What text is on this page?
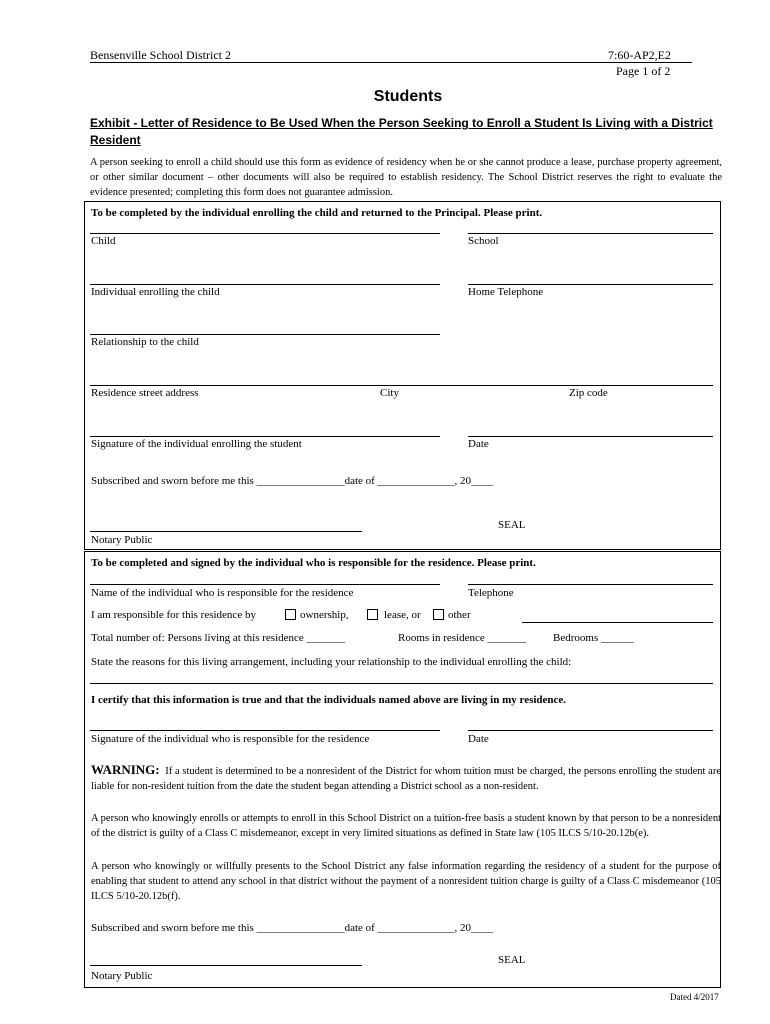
Bensenville School District 2	7:60-AP2,E2
Page 1 of 2
Students
Exhibit - Letter of Residence to Be Used When the Person Seeking to Enroll a Student Is Living with a District Resident
A person seeking to enroll a child should use this form as evidence of residency when he or she cannot produce a lease, purchase property agreement, or other similar document – other documents will also be required to establish residency. The School District reserves the right to evaluate the evidence presented; completing this form does not guarantee admission.
To be completed by the individual enrolling the child and returned to the Principal. Please print.
Child	School
Individual enrolling the child	Home Telephone
Relationship to the child
Residence street address	City	Zip code
Signature of the individual enrolling the student	Date
Subscribed and sworn before me this ________________date of ______________, 20____
SEAL
Notary Public
To be completed and signed by the individual who is responsible for the residence. Please print.
Name of the individual who is responsible for the residence	Telephone
I am responsible for this residence by	ownership,	lease, or other
Total number of: Persons living at this residence _______	Rooms in residence _______ Bedrooms ______
State the reasons for this living arrangement, including your relationship to the individual enrolling the child:
I certify that this information is true and that the individuals named above are living in my residence.
Signature of the individual who is responsible for the residence	Date
WARNING: If a student is determined to be a nonresident of the District for whom tuition must be charged, the persons enrolling the student are liable for non-resident tuition from the date the student began attending a District school as a non-resident.
A person who knowingly enrolls or attempts to enroll in this School District on a tuition-free basis a student known by that person to be a nonresident of the district is guilty of a Class C misdemeanor, except in very limited situations as defined in State law (105 ILCS 5/10-20.12b(e).
A person who knowingly or willfully presents to the School District any false information regarding the residency of a student for the purpose of enabling that student to attend any school in that district without the payment of a nonresident tuition charge is guilty of a Class C misdemeanor (105 ILCS 5/10-20.12b(f).
Subscribed and sworn before me this ________________date of ______________, 20____
SEAL
Notary Public
Dated 4/2017
